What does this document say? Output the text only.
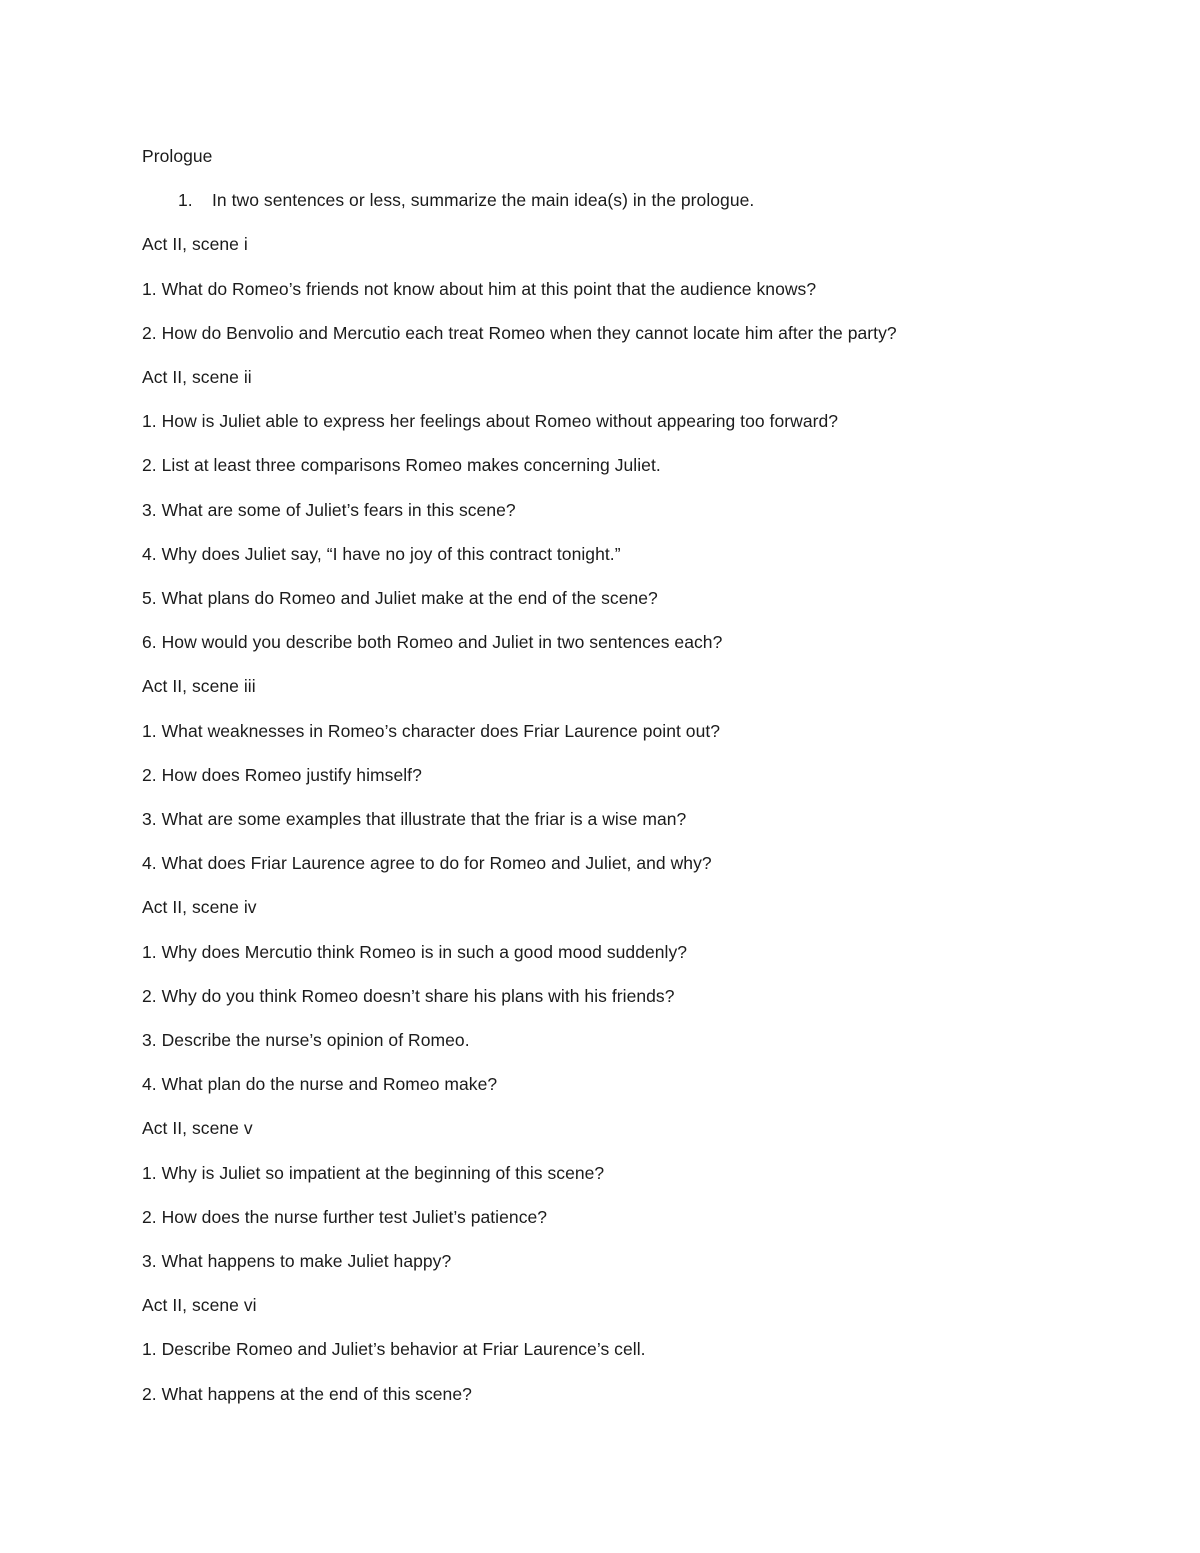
Prologue
1. In two sentences or less, summarize the main idea(s) in the prologue.
Act II, scene i
1. What do Romeo’s friends not know about him at this point that the audience knows?
2. How do Benvolio and Mercutio each treat Romeo when they cannot locate him after the party?
Act II, scene ii
1. How is Juliet able to express her feelings about Romeo without appearing too forward?
2. List at least three comparisons Romeo makes concerning Juliet.
3. What are some of Juliet’s fears in this scene?
4. Why does Juliet say, “I have no joy of this contract tonight.”
5. What plans do Romeo and Juliet make at the end of the scene?
6. How would you describe both Romeo and Juliet in two sentences each?
Act II, scene iii
1. What weaknesses in Romeo’s character does Friar Laurence point out?
2. How does Romeo justify himself?
3. What are some examples that illustrate that the friar is a wise man?
4. What does Friar Laurence agree to do for Romeo and Juliet, and why?
Act II, scene iv
1. Why does Mercutio think Romeo is in such a good mood suddenly?
2. Why do you think Romeo doesn’t share his plans with his friends?
3. Describe the nurse’s opinion of Romeo.
4. What plan do the nurse and Romeo make?
Act II, scene v
1. Why is Juliet so impatient at the beginning of this scene?
2. How does the nurse further test Juliet’s patience?
3. What happens to make Juliet happy?
Act II, scene vi
1. Describe Romeo and Juliet’s behavior at Friar Laurence’s cell.
2. What happens at the end of this scene?
